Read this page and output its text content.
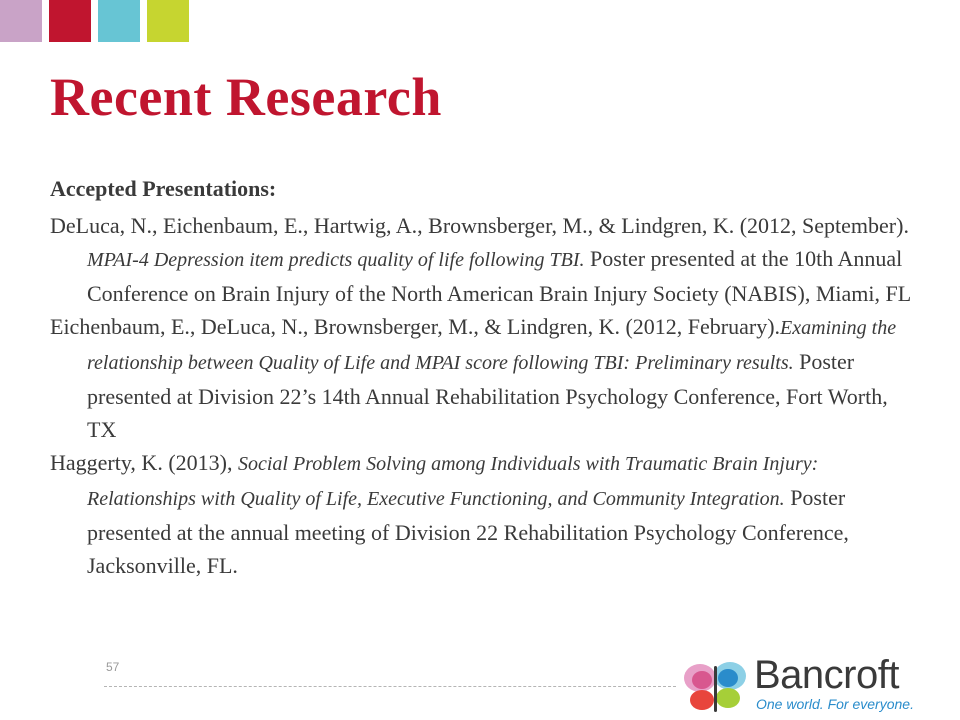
Recent Research

Accepted Presentations:

DeLuca, N., Eichenbaum, E., Hartwig, A., Brownsberger, M., & Lindgren, K. (2012, September). MPAI-4 Depression item predicts quality of life following TBI. Poster presented at the 10th Annual Conference on Brain Injury of the North American Brain Injury Society (NABIS), Miami, FL

Eichenbaum, E., DeLuca, N., Brownsberger, M., & Lindgren, K. (2012, February).Examining the relationship between Quality of Life and MPAI score following TBI: Preliminary results. Poster presented at Division 22’s 14th Annual Rehabilitation Psychology Conference, Fort Worth, TX

Haggerty, K. (2013), Social Problem Solving among Individuals with Traumatic Brain Injury: Relationships with Quality of Life, Executive Functioning, and Community Integration. Poster presented at the annual meeting of Division 22 Rehabilitation Psychology Conference, Jacksonville, FL.

57	Bancroft
One world. For everyone.
